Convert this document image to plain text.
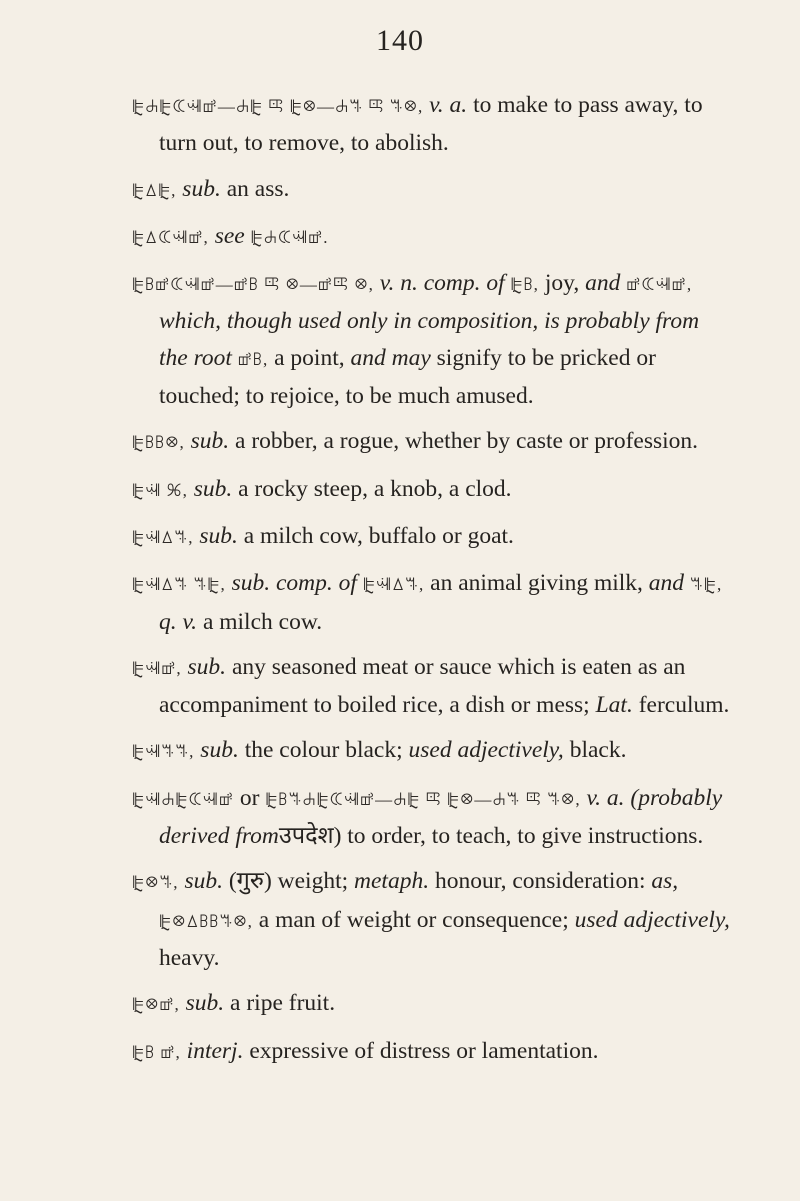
140

ꕟꕈꕟꕆꕝꕡ—ꕈꕟ ꕓ ꕟꕕ—ꕈꕐ ꕓ ꕐꕕ, v. a. to make to pass away, to turn out, to remove, to abolish.

ꕟꕔꕟ, sub. an ass.

ꕟꕔꕆꕝꕡ, see ꕟꕈꕆꕝꕡ.

ꕟꕗꕡꕆꕝꕡ—ꕡꕗ ꕓ ꕕ—ꕡꕓ ꕕ, v. n. comp. of ꕟꕗ, joy, and ꕡꕆꕝꕡ, which, though used only in composition, is probably from the root ꕡꕗ, a point, and may signify to be pricked or touched; to rejoice, to be much amused.

ꕟꕗꕗꕕ, sub. a robber, a rogue, whether by caste or profession.

ꕟꕝ ꕑ, sub. a rocky steep, a knob, a clod.

ꕟꕝꕔꕐ, sub. a milch cow, buffalo or goat.

ꕟꕝꕔꕐ ꕐꕟ, sub. comp. of ꕟꕝꕔꕐ, an animal giving milk, and ꕐꕟ, q. v. a milch cow.

ꕟꕝꕡ, sub. any seasoned meat or sauce which is eaten as an accompaniment to boiled rice, a dish or mess; Lat. ferculum.

ꕟꕝꕐꕐ, sub. the colour black; used adjectively, black.

ꕟꕝꕈꕟꕆꕝꕡ or ꕟꕗꕐꕈꕟꕆꕝꕡ—ꕈꕟ ꕓ ꕟꕕ—ꕈꕐ ꕓ ꕐꕕ, v. a. (probably derived fromउपदेश) to order, to teach, to give instructions.

ꕟꕕꕐ, sub. (गुरु) weight; metaph. honour, consideration: as, ꕟꕕꕔꕗꕗꕐꕕ, a man of weight or consequence; used adjectively, heavy.

ꕟꕕꕡ, sub. a ripe fruit.

ꕟꕗ ꕡ, interj. expressive of distress or lamentation.
